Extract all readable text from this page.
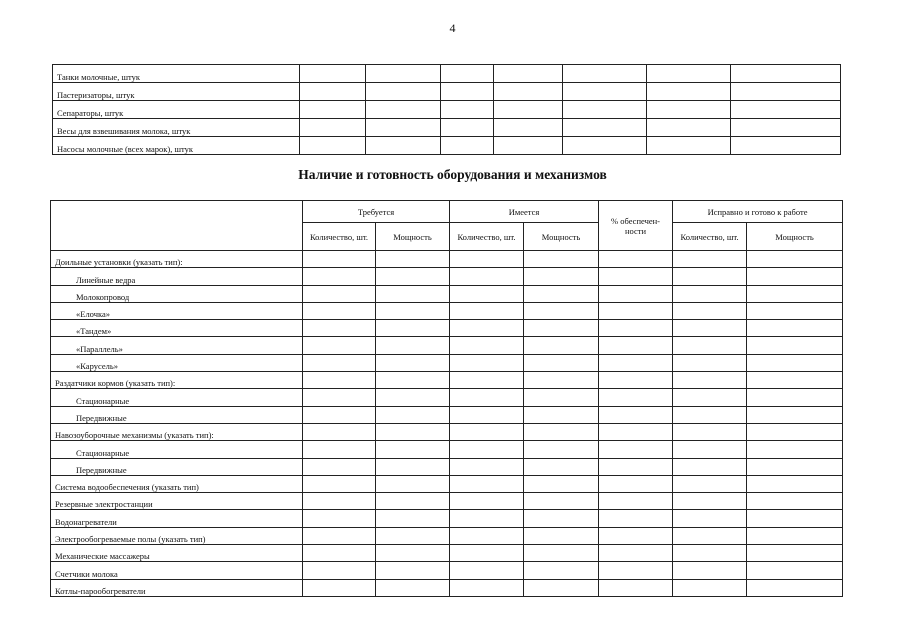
4
Танки молочные, штук							
Пастеризаторы, штук							
Сепараторы, штук							
Весы для взвешивания молока, штук							
Насосы молочные (всех марок), штук							
Наличие и готовность оборудования и механизмов
	Требуется		Имеется		% обеспечен-ности	Исправно и готово к работе	
	Количество, шт.	Мощность	Количество, шт.	Мощность		Количество, шт.	Мощность
Доильные установки (указать тип):							
Линейные ведра							
Молокопровод							
«Елочка»							
«Тандем»							
«Параллель»							
«Карусель»							
Раздатчики кормов (указать тип):							
Стационарные							
Передвижные							
Навозоуборочные механизмы (указать тип):							
Стационарные							
Передвижные							
Система водообеспечения (указать тип)							
Резервные электростанции							
Водонагреватели							
Электрообогреваемые полы (указать тип)							
Механические массажеры							
Счетчики молока							
Котлы-парообогреватели							
